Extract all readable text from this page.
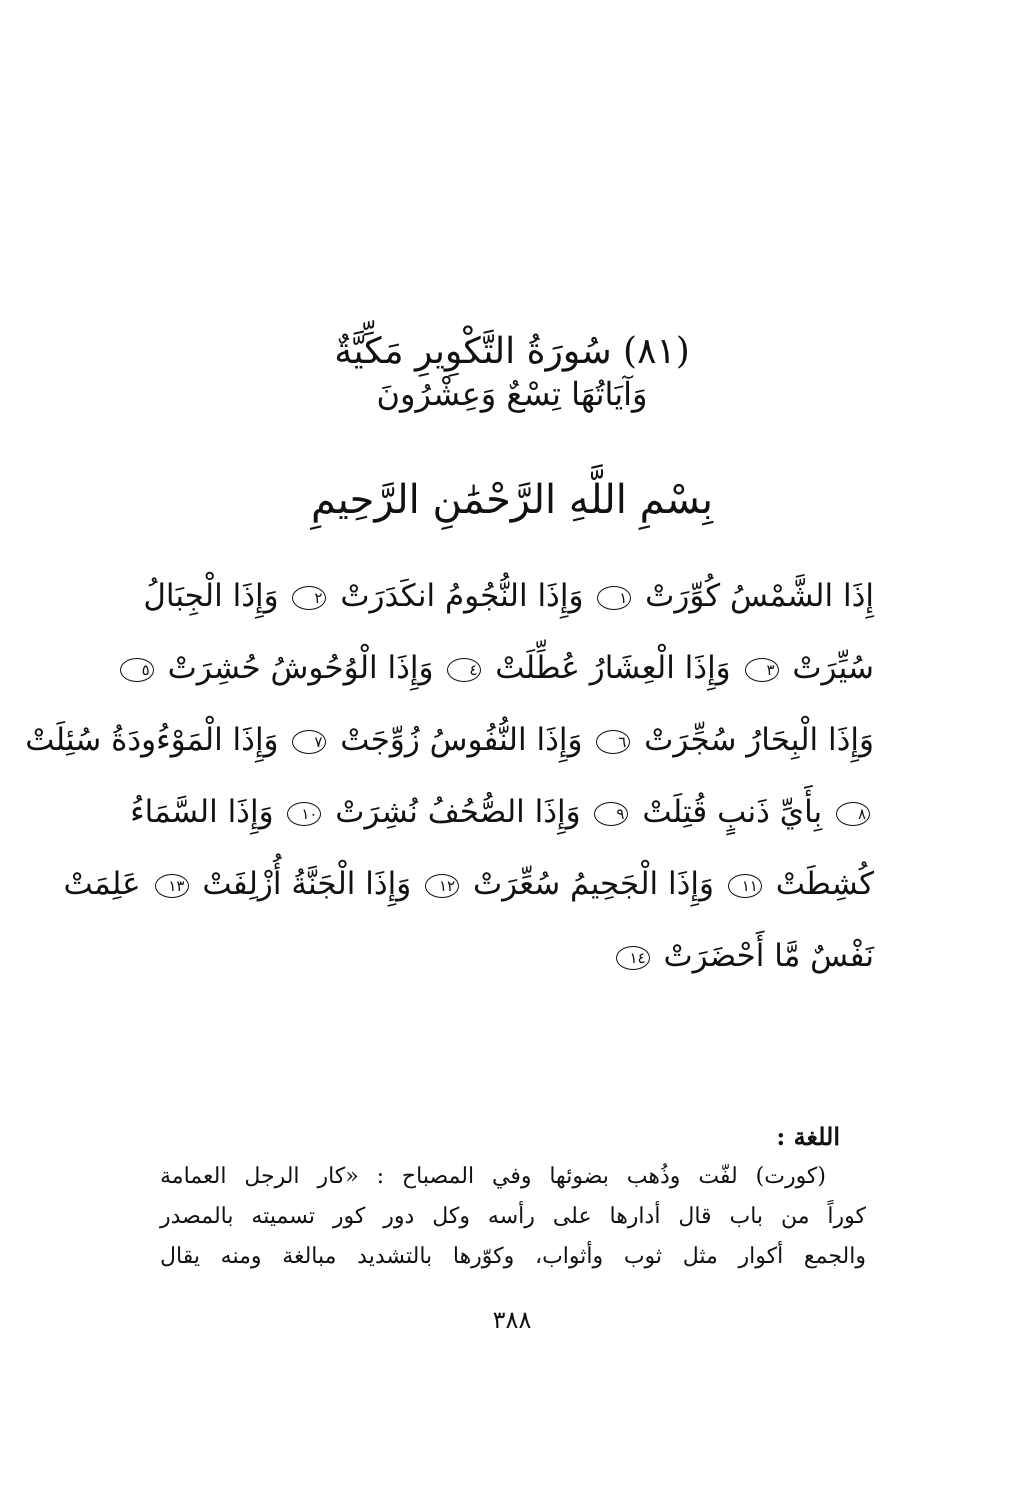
(٨١) سُورَةُ التَّكْوِيرِ مَكِّيَّةٌ
وَآيَاتُهَا تِسْعٌ وَعِشْرُونَ
بِسْمِ اللَّهِ الرَّحْمَٰنِ الرَّحِيمِ
إِذَا الشَّمْسُ كُوِّرَتْ ١ وَإِذَا النُّجُومُ انكَدَرَتْ ٢ وَإِذَا الْجِبَالُ
سُيِّرَتْ ٣ وَإِذَا الْعِشَارُ عُطِّلَتْ ٤ وَإِذَا الْوُحُوشُ حُشِرَتْ ٥
وَإِذَا الْبِحَارُ سُجِّرَتْ ٦ وَإِذَا النُّفُوسُ زُوِّجَتْ ٧ وَإِذَا الْمَوْءُودَةُ سُئِلَتْ
٨ بِأَيِّ ذَنبٍ قُتِلَتْ ٩ وَإِذَا الصُّحُفُ نُشِرَتْ ١٠ وَإِذَا السَّمَاءُ
كُشِطَتْ ١١ وَإِذَا الْجَحِيمُ سُعِّرَتْ ١٢ وَإِذَا الْجَنَّةُ أُزْلِفَتْ ١٣ عَلِمَتْ
نَفْسٌ مَّا أَحْضَرَتْ ١٤
اللغة :
(كورت) لفّت وذُهب بضوئها وفي المصباح : «كار الرجل العمامة
كوراً من باب قال أدارها على رأسه وكل دور كور تسميته بالمصدر
والجمع أكوار مثل ثوب وأثواب، وكوّرها بالتشديد مبالغة ومنه يقال
٣٨٨
